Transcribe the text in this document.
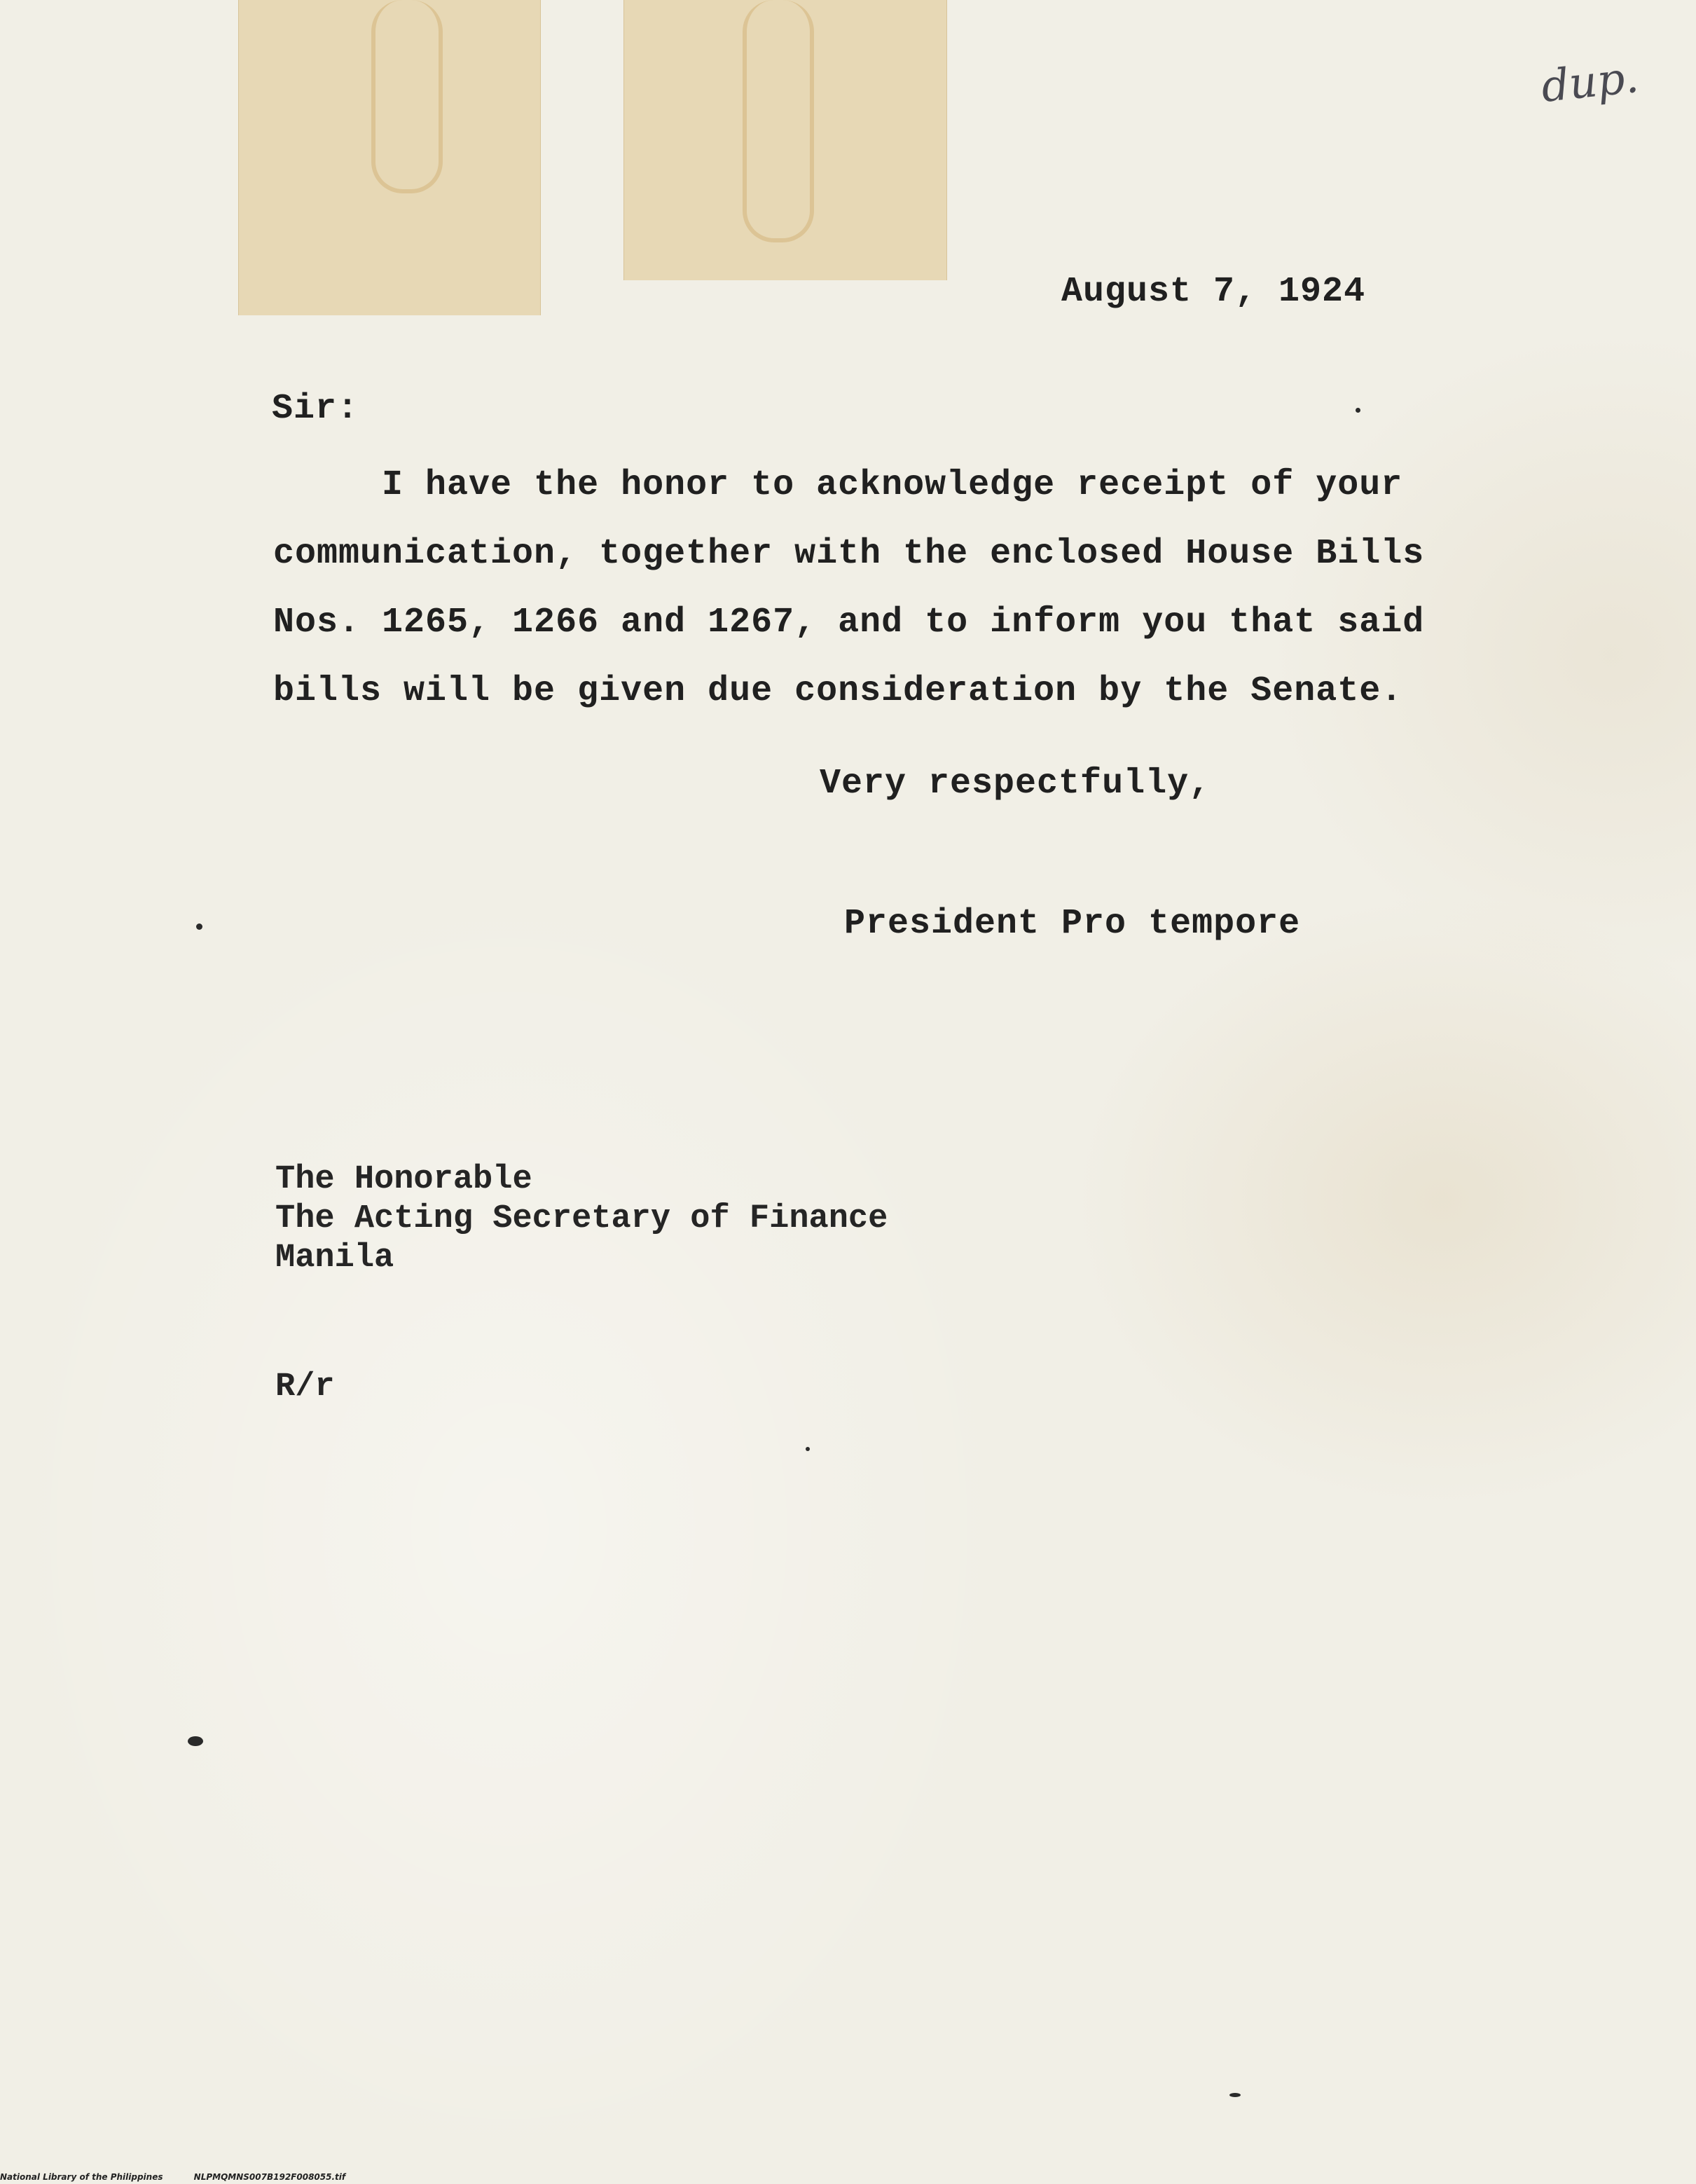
dup.
August 7, 1924
Sir:
I have the honor to acknowledge receipt of your
communication, together with the enclosed House Bills
Nos. 1265, 1266 and 1267, and to inform you that said
bills will be given due consideration by the Senate.
Very respectfully,
President Pro tempore
The Honorable
The Acting Secretary of Finance
Manila
R/r
National Library of the Philippines	NLPMQMNS007B192F008055.tif
